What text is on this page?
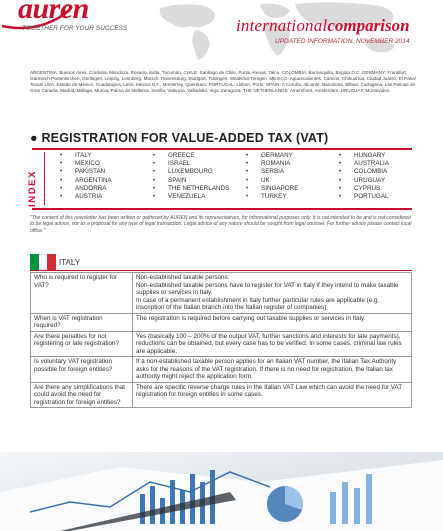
auren
TOGETHER FOR YOUR SUCCESS	internationalcomparison
UPDATED INFORMATION. NOVEMBER 2014

ARGENTINA: Buenos Aires, Córdoba, Mendoza, Rosario, Salta, Tucumán. CHILE: Santiago de Chile, Punta Arenas, Talca. COLOMBIA: Barranquilla, Bogota D.C. GERMANY: Frankfurt, Garmisch-Partenkirchen, Gerlingen, Leipzig, Leonberg, Munich, Ravensburg, Stuttgart, Tübingen, Waldshut-Tiengen. MEXICO: Aguascalientes, Cancún, Chihuahua, Ciudad Juárez, El Paso/ Texas/ USA, Estado de México, Guadalajara, León, México D.F., Monterrey, Querétaro. PORTUGAL: Lisbon, Porto. SPAIN: A Coruña, Alicante, Barcelona, Bilbao, Cartagena, Las Palmas de Gran Canaria, Madrid, Málaga, Murcia, Palma de Mallorca, Sevilla, Valencia, Valladolid, Vigo, Zaragoza. THE NETHERLANDS: Amersfoort, Amsterdam. URUGUAY: Montevideo.

● REGISTRATION FOR VALUE-ADDED TAX (VAT)
INDEX
• ITALY
• MEXICO
• PAKISTAN
• ARGENTINA
• ANDORRA
• AUSTRIA
• GREECE
• ISRAEL
• LUXEMBOURG
• SPAIN
• THE NETHERLANDS
• VENEZUELA
• GERMANY
• ROMANIA
• SERBIA
• UK
• SINGAPORE
• TURKEY
• HUNGARY
• AUSTRALIA
• COLOMBIA
• URUGUAY
• CYPRUS
• PORTUGAL

"The content of this newsletter has been written or gathered by AUREN and its representatives, for informational purposes only. It is not intended to be and is not considered to be legal advice, nor as a proposal for any type of legal transaction. Legal advice of any nature should be sought from legal counsel. For further advice please contact local office."

ITALY
Who is required to register for VAT?	Non-established taxable persons:
Non-established taxable persons have to register for VAT in Italy if they intend to make taxable supplies or services in Italy.
In case of a permanent establishment in Italy further particular rules are applicable (e.g. inscription of the Italian branch into the Italian register of companies)

When is VAT registration required?	The registration is required before carrying out taxable supplies or services in Italy.
Are there penalties for not registering or late registration?	Yes (basically 100 – 200% of the output VAT, further sanctions and interests for late payments), reductions can be obtained, but every case has to be verified. In some cases, criminal law rules are applicable.
Is voluntary VAT registration possible for foreign entities?	If a non-established taxable person applies for an Italian VAT number, the Italian Tax Authority asks for the reasons of the VAT registration. If there is no need for registration, the Italian tax authority might reject the application form.
Are there any simplifications that could avoid the need for registration for foreign entities?	There are specific reverse charge rules in the Italian VAT Law which can avoid the need for VAT registration for foreign entities in some cases.
